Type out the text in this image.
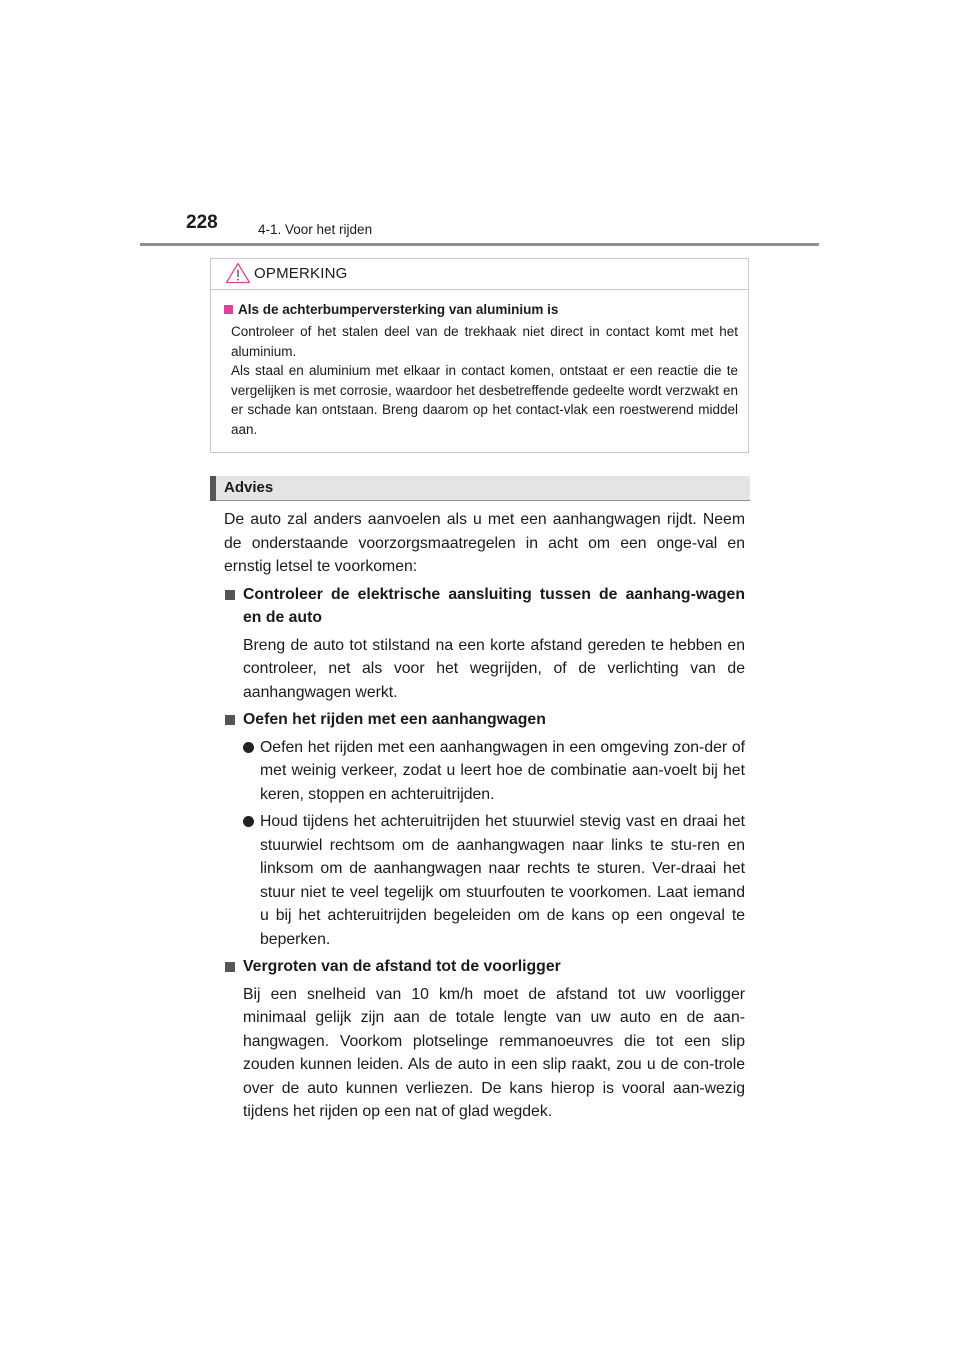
228	4-1. Voor het rijden
OPMERKING

Als de achterbumperversterking van aluminium is

Controleer of het stalen deel van de trekhaak niet direct in contact komt met het aluminium.

Als staal en aluminium met elkaar in contact komen, ontstaat er een reactie die te vergelijken is met corrosie, waardoor het desbetreffende gedeelte wordt verzwakt en er schade kan ontstaan. Breng daarom op het contact-vlak een roestwerend middel aan.

Advies

De auto zal anders aanvoelen als u met een aanhangwagen rijdt. Neem de onderstaande voorzorgsmaatregelen in acht om een onge-val en ernstig letsel te voorkomen:

Controleer de elektrische aansluiting tussen de aanhang-wagen en de auto

Breng de auto tot stilstand na een korte afstand gereden te hebben en controleer, net als voor het wegrijden, of de verlichting van de aanhangwagen werkt.

Oefen het rijden met een aanhangwagen

Oefen het rijden met een aanhangwagen in een omgeving zon-der of met weinig verkeer, zodat u leert hoe de combinatie aan-voelt bij het keren, stoppen en achteruitrijden.

Houd tijdens het achteruitrijden het stuurwiel stevig vast en draai het stuurwiel rechtsom om de aanhangwagen naar links te stu-ren en linksom om de aanhangwagen naar rechts te sturen. Ver-draai het stuur niet te veel tegelijk om stuurfouten te voorkomen. Laat iemand u bij het achteruitrijden begeleiden om de kans op een ongeval te beperken.

Vergroten van de afstand tot de voorligger

Bij een snelheid van 10 km/h moet de afstand tot uw voorligger minimaal gelijk zijn aan de totale lengte van uw auto en de aan-hangwagen. Voorkom plotselinge remmanoeuvres die tot een slip zouden kunnen leiden. Als de auto in een slip raakt, zou u de con-trole over de auto kunnen verliezen. De kans hierop is vooral aan-wezig tijdens het rijden op een nat of glad wegdek.
